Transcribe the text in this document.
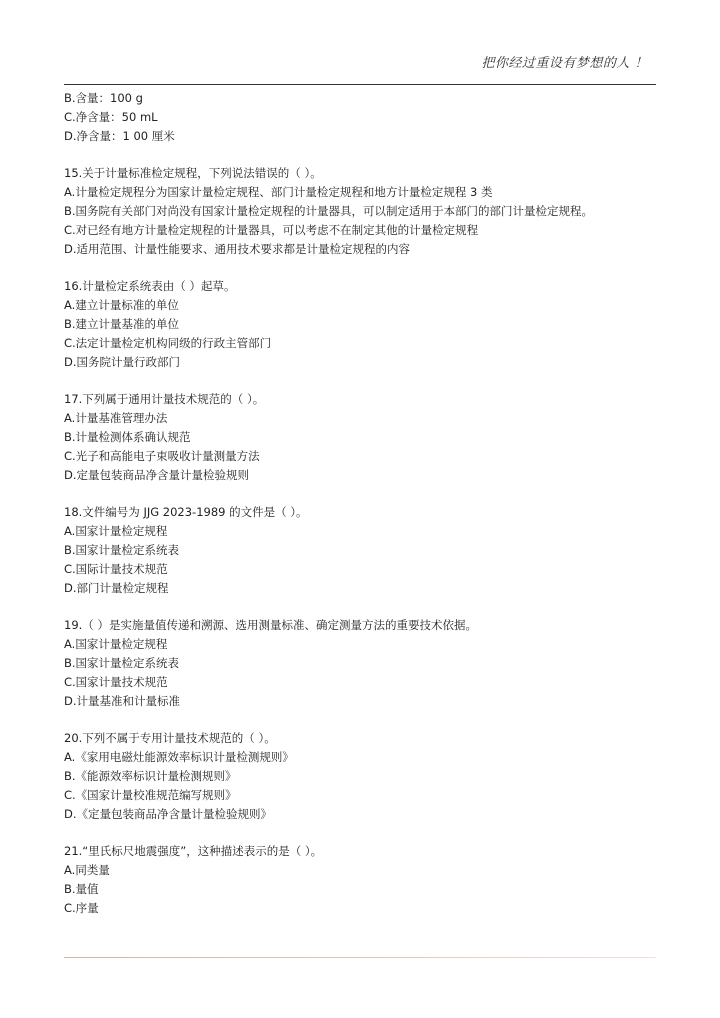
把你经过重设有梦想的人 ！
B.含量：100 g
C.净含量：50 mL
D.净含量：1 00 厘米
15.关于计量标准检定规程，下列说法错误的（ ）。
A.计量检定规程分为国家计量检定规程、部门计量检定规程和地方计量检定规程 3 类
B.国务院有关部门对尚没有国家计量检定规程的计量器具，可以制定适用于本部门的部门计量检定规程。
C.对已经有地方计量检定规程的计量器具，可以考虑不在制定其他的计量检定规程
D.适用范围、计量性能要求、通用技术要求都是计量检定规程的内容
16.计量检定系统表由（ ）起草。
A.建立计量标准的单位
B.建立计量基准的单位
C.法定计量检定机构同级的行政主管部门
D.国务院计量行政部门
17.下列属于通用计量技术规范的（ ）。
A.计量基准管理办法
B.计量检测体系确认规范
C.光子和高能电子束吸收计量测量方法
D.定量包装商品净含量计量检验规则
18.文件编号为 JJG 2023-1989 的文件是（ ）。
A.国家计量检定规程
B.国家计量检定系统表
C.国际计量技术规范
D.部门计量检定规程
19.（ ）是实施量值传递和溯源、选用测量标准、确定测量方法的重要技术依据。
A.国家计量检定规程
B.国家计量检定系统表
C.国家计量技术规范
D.计量基准和计量标准
20.下列不属于专用计量技术规范的（ ）。
A.《家用电磁灶能源效率标识计量检测规则》
B.《能源效率标识计量检测规则》
C.《国家计量校准规范编写规则》
D.《定量包装商品净含量计量检验规则》
21.“里氏标尺地震强度”，这种描述表示的是（ ）。
A.同类量
B.量值
C.序量
